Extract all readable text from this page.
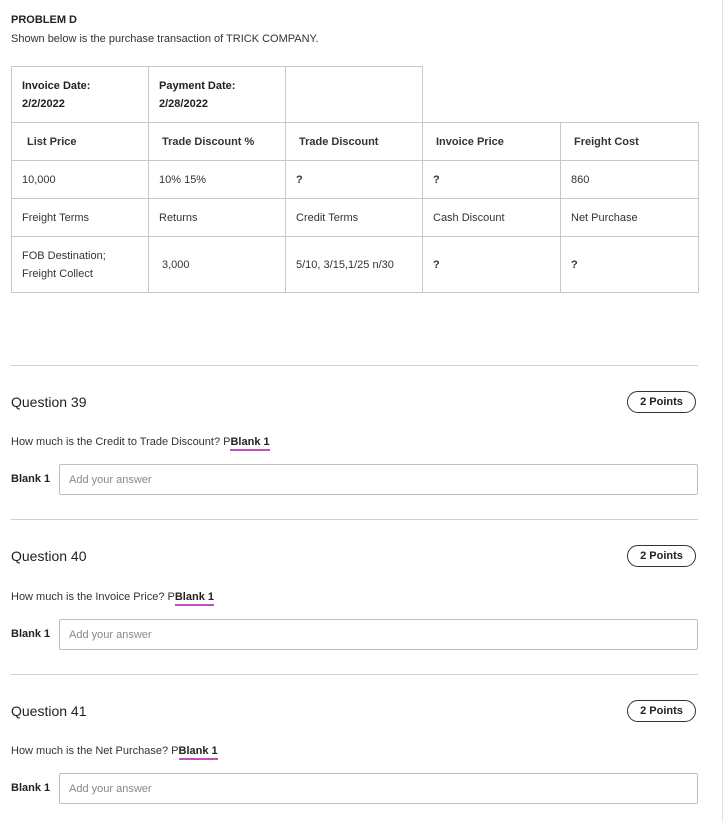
PROBLEM D
Shown below is the purchase transaction of TRICK COMPANY.
Invoice Date:
2/2/2022

Payment Date:
2/28/2022

List Price	Trade Discount %	Trade Discount	Invoice Price	Freight Cost
10,000	10% 15%	?	?	860
Freight Terms	Returns	Credit Terms	Cash Discount	Net Purchase

FOB Destination;
Freight Collect	3,000	5/10, 3/15,1/25 n/30	?	?
Question 39	2 Points
How much is the Credit to Trade Discount? PBlank 1
Blank 1
Add your answer
Question 40	2 Points
How much is the Invoice Price? PBlank 1
Blank 1
Add your answer
Question 41	2 Points
How much is the Net Purchase? PBlank 1
Blank 1
Add your answer
